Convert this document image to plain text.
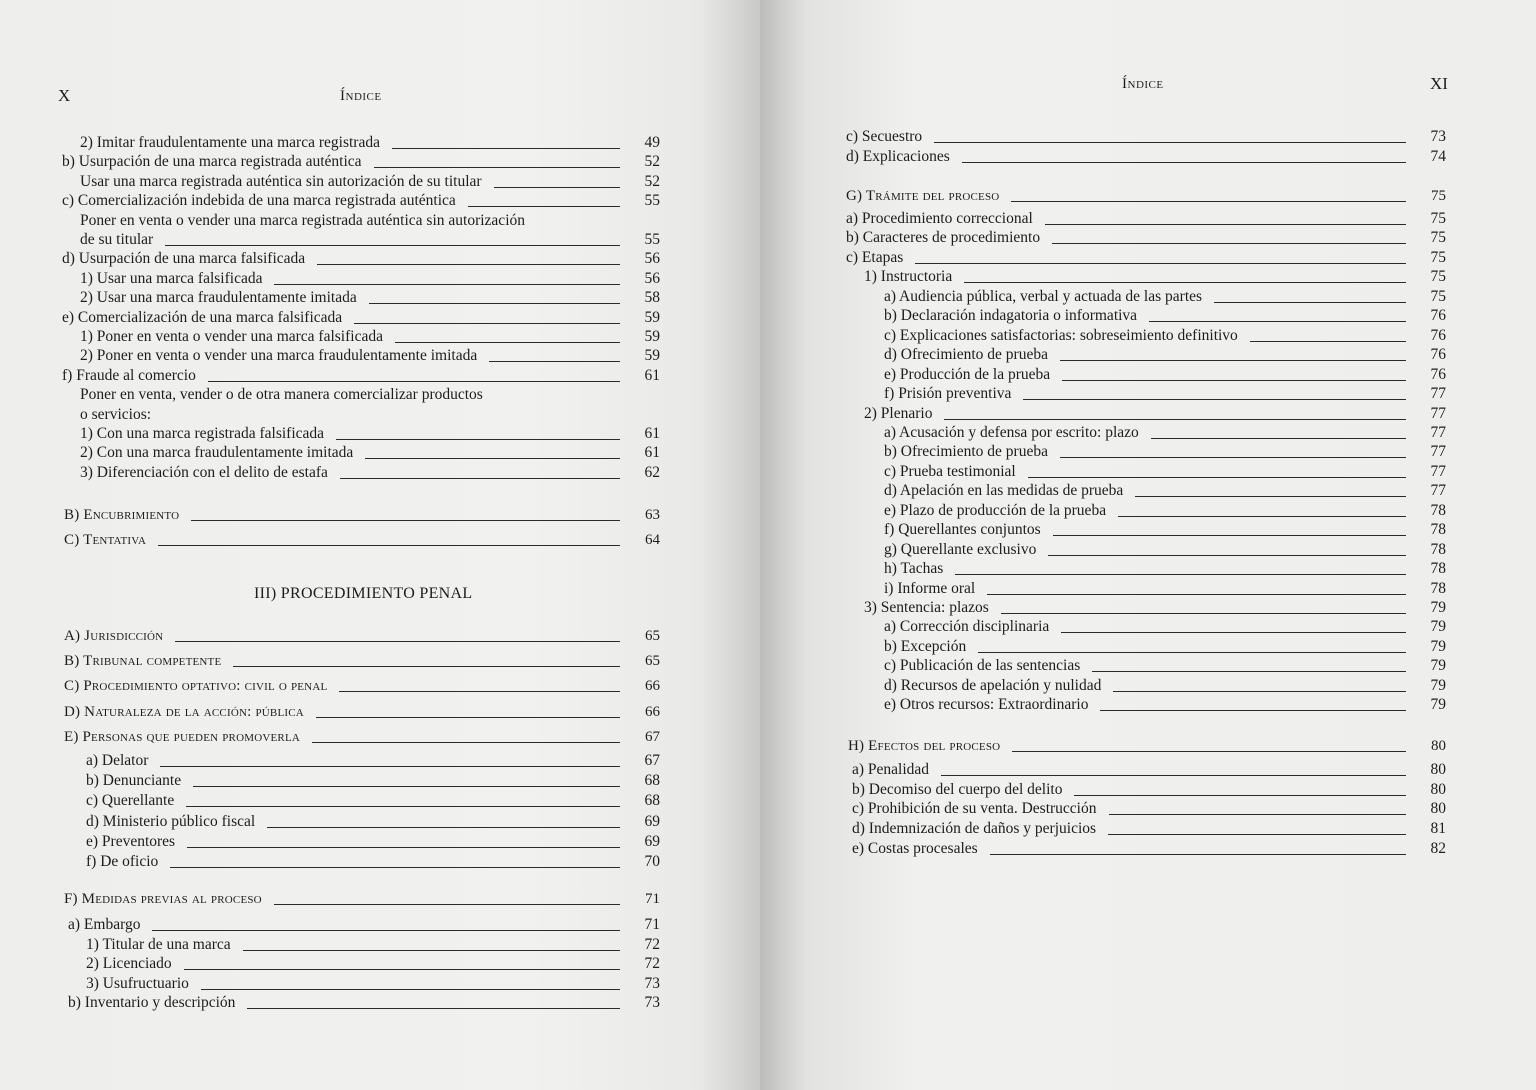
X	Índice
2) Imitar fraudulentamente una marca registrada	49
b) Usurpación de una marca registrada auténtica	52
Usar una marca registrada auténtica sin autorización de su titular	52
c) Comercialización indebida de una marca registrada auténtica	55
Poner en venta o vender una marca registrada auténtica sin autorización
de su titular	55
d) Usurpación de una marca falsificada	56
1) Usar una marca falsificada	56
2) Usar una marca fraudulentamente imitada	58
e) Comercialización de una marca falsificada	59
1) Poner en venta o vender una marca falsificada	59
2) Poner en venta o vender una marca fraudulentamente imitada	59
f) Fraude al comercio	61
Poner en venta, vender o de otra manera comercializar productos
o servicios:
1) Con una marca registrada falsificada	61
2) Con una marca fraudulentamente imitada	61
3) Diferenciación con el delito de estafa	62
B) Encubrimiento	63
C) Tentativa	64
III) PROCEDIMIENTO PENAL
A) Jurisdicción	65
B) Tribunal competente	65
C) Procedimiento optativo: civil o penal	66
D) Naturaleza de la acción: pública	66
E) Personas que pueden promoverla	67
a) Delator	67
b) Denunciante	68
c) Querellante	68
d) Ministerio público fiscal	69
e) Preventores	69
f) De oficio	70
F) Medidas previas al proceso	71
a) Embargo	71
1) Titular de una marca	72
2) Licenciado	72
3) Usufructuario	73
b) Inventario y descripción	73
Índice	XI
c) Secuestro	73
d) Explicaciones	74
G) Trámite del proceso	75
a) Procedimiento correccional	75
b) Caracteres de procedimiento	75
c) Etapas	75
1) Instructoria	75
a) Audiencia pública, verbal y actuada de las partes	75
b) Declaración indagatoria o informativa	76
c) Explicaciones satisfactorias: sobreseimiento definitivo	76
d) Ofrecimiento de prueba	76
e) Producción de la prueba	76
f) Prisión preventiva	77
2) Plenario	77
a) Acusación y defensa por escrito: plazo	77
b) Ofrecimiento de prueba	77
c) Prueba testimonial	77
d) Apelación en las medidas de prueba	77
e) Plazo de producción de la prueba	78
f) Querellantes conjuntos	78
g) Querellante exclusivo	78
h) Tachas	78
i) Informe oral	78
3) Sentencia: plazos	79
a) Corrección disciplinaria	79
b) Excepción	79
c) Publicación de las sentencias	79
d) Recursos de apelación y nulidad	79
e) Otros recursos: Extraordinario	79
H) Efectos del proceso	80
a) Penalidad	80
b) Decomiso del cuerpo del delito	80
c) Prohibición de su venta. Destrucción	80
d) Indemnización de daños y perjuicios	81
e) Costas procesales	82
